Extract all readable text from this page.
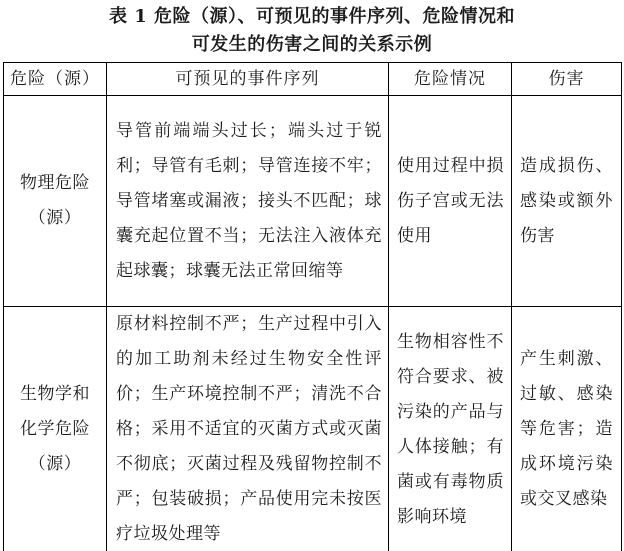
表 1 危险（源）、可预见的事件序列、危险情况和
可发生的伤害之间的关系示例
危险（源）	可预见的事件序列	危险情况	伤害

物理危险
（源）	导管前端端头过长；端头过于锐利；导管有毛刺；导管连接不牢；导管堵塞或漏液；接头不匹配；球囊充起位置不当；无法注入液体充起球囊；球囊无法正常回缩等	使用过程中损伤子宫或无法使用	造成损伤、感染或额外伤害

生物学和
化学危险
（源）	原材料控制不严；生产过程中引入的加工助剂未经过生物安全性评价；生产环境控制不严；清洗不合格；采用不适宜的灭菌方式或灭菌不彻底；灭菌过程及残留物控制不严；包装破损；产品使用完未按医疗垃圾处理等	生物相容性不符合要求、被污染的产品与人体接触；有菌或有毒物质影响环境	产生刺激、过敏、感染等危害；造成环境污染或交叉感染
